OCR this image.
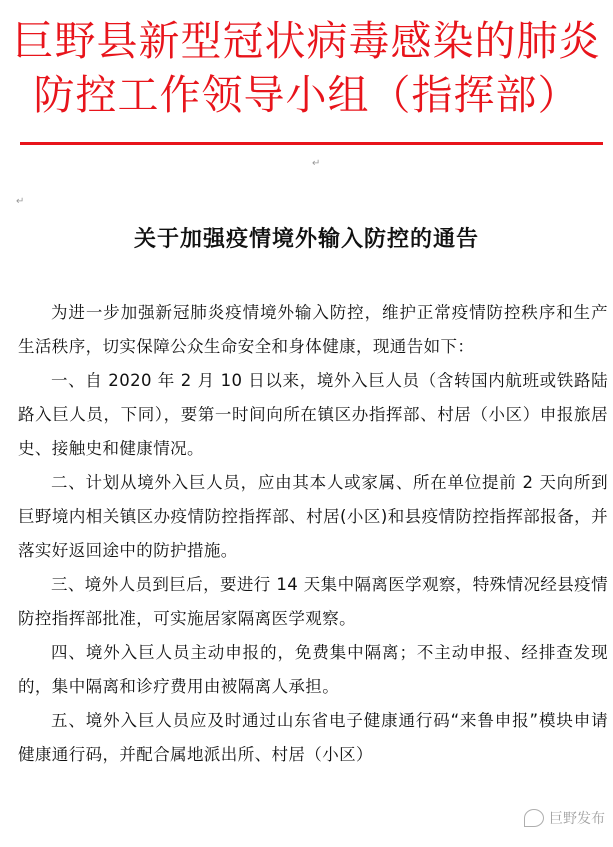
巨野县新型冠状病毒感染的肺炎
防控工作领导小组（指挥部）
↵
↵
关于加强疫情境外输入防控的通告

为进一步加强新冠肺炎疫情境外输入防控，维护正常疫情防控秩序和生产生活秩序，切实保障公众生命安全和身体健康，现通告如下：

一、自 2020 年 2 月 10 日以来，境外入巨人员（含转国内航班或铁路陆路入巨人员，下同），要第一时间向所在镇区办指挥部、村居（小区）申报旅居史、接触史和健康情况。

二、计划从境外入巨人员，应由其本人或家属、所在单位提前 2 天向所到巨野境内相关镇区办疫情防控指挥部、村居(小区)和县疫情防控指挥部报备，并落实好返回途中的防护措施。

三、境外人员到巨后，要进行 14 天集中隔离医学观察，特殊情况经县疫情防控指挥部批准，可实施居家隔离医学观察。

四、境外入巨人员主动申报的，免费集中隔离；不主动申报、经排查发现的，集中隔离和诊疗费用由被隔离人承担。

五、境外入巨人员应及时通过山东省电子健康通行码“来鲁申报”模块申请健康通行码，并配合属地派出所、村居（小区）

巨野发布
